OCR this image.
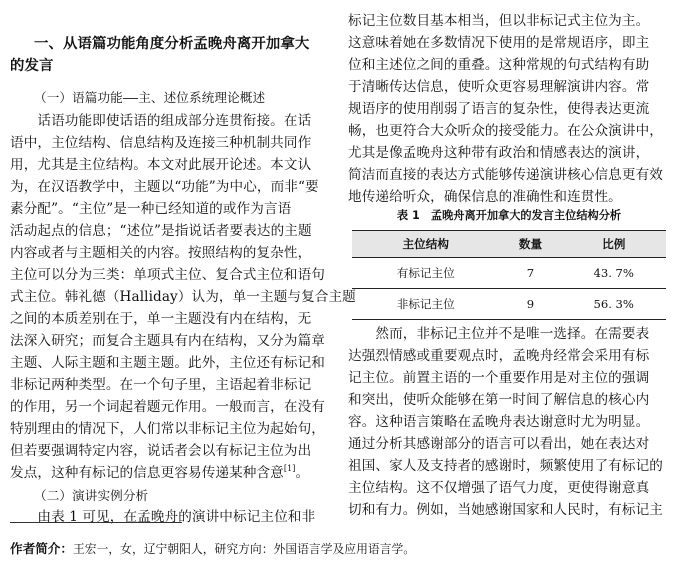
一、从语篇功能角度分析孟晚舟离开加拿大
的发言
（一）语篇功能——主、述位系统理论概述
　　话语功能即使话语的组成部分连贯衔接。在话
语中，主位结构、信息结构及连接三种机制共同作
用，尤其是主位结构。本文对此展开论述。本文认
为，在汉语教学中，主题以“功能”为中心，而非“要
素分配”。“主位”是一种已经知道的或作为言语
活动起点的信息；“述位”是指说话者要表达的主题
内容或者与主题相关的内容。按照结构的复杂性，
主位可以分为三类：单项式主位、复合式主位和语句
式主位。韩礼德（Halliday）认为，单一主题与复合主题
之间的本质差别在于，单一主题没有内在结构，无
法深入研究；而复合主题具有内在结构，又分为篇章
主题、人际主题和主题主题。此外，主位还有标记和
非标记两种类型。在一个句子里，主语起着非标记
的作用，另一个词起着题元作用。一般而言，在没有
特别理由的情况下，人们常以非标记主位为起始句，
但若要强调特定内容，说话者会以有标记主位为出
发点，这种有标记的信息更容易传递某种含意[1]。
（二）演讲实例分析
　　由表 1 可见，在孟晚舟的演讲中标记主位和非
标记主位数目基本相当，但以非标记式主位为主。
这意味着她在多数情况下使用的是常规语序，即主
位和主述位之间的重叠。这种常规的句式结构有助
于清晰传达信息，使听众更容易理解演讲内容。常
规语序的使用削弱了语言的复杂性，使得表达更流
畅，也更符合大众听众的接受能力。在公众演讲中，
尤其是像孟晚舟这种带有政治和情感表达的演讲，
简洁而直接的表达方式能够传递演讲核心信息更有效
地传递给听众，确保信息的准确性和连贯性。
表 1　孟晚舟离开加拿大的发言主位结构分析
主位结构	数量	比例
有标记主位	7	43. 7%
非标记主位	9	56. 3%
　　然而，非标记主位并不是唯一选择。在需要表
达强烈情感或重要观点时，孟晚舟经常会采用有标
记主位。前置主语的一个重要作用是对主位的强调
和突出，使听众能够在第一时间了解信息的核心内
容。这种语言策略在孟晚舟表达谢意时尤为明显。
通过分析其感谢部分的语言可以看出，她在表达对
祖国、家人及支持者的感谢时，频繁使用了有标记的
主位结构。这不仅增强了语气力度，更使得谢意真
切和有力。例如，当她感谢国家和人民时，有标记主
作者简介：王宏一，女，辽宁朝阳人，研究方向：外国语言学及应用语言学。
